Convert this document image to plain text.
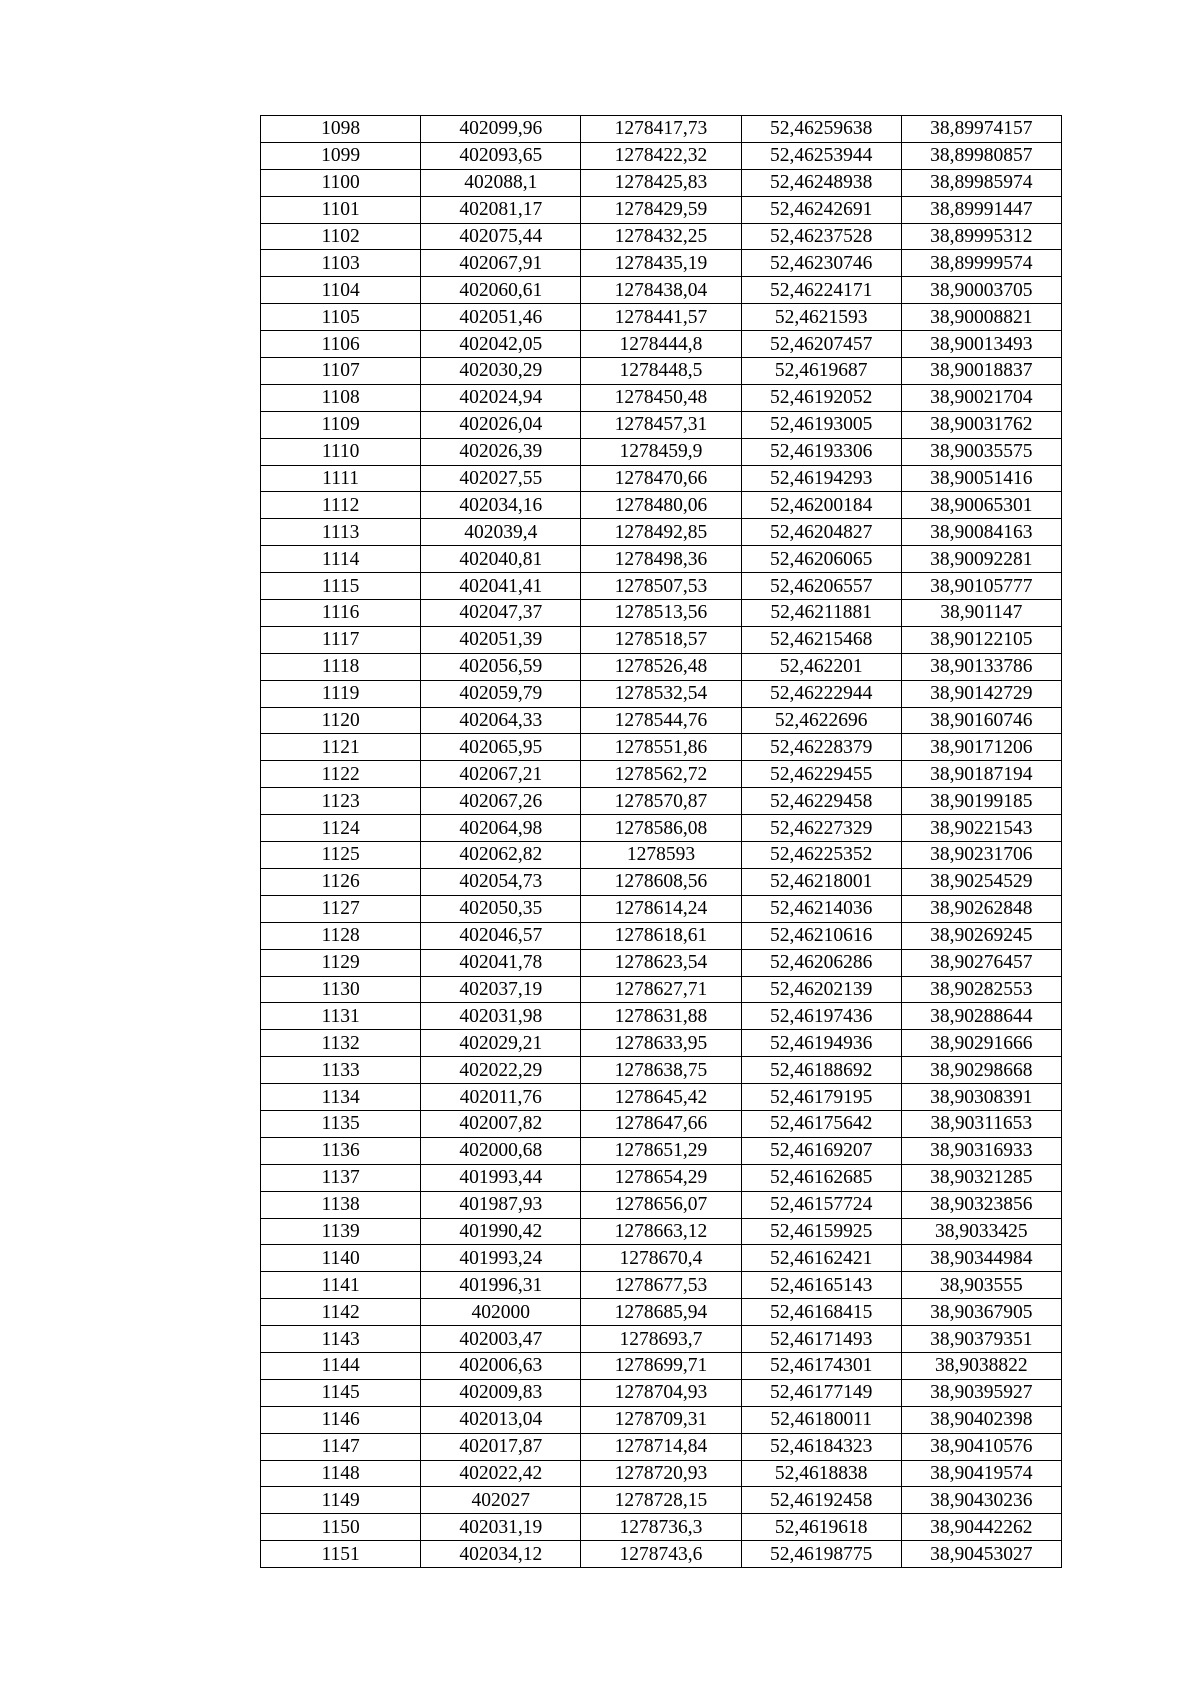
1098	402099,96	1278417,73	52,46259638	38,89974157
1099	402093,65	1278422,32	52,46253944	38,89980857
1100	402088,1	1278425,83	52,46248938	38,89985974
1101	402081,17	1278429,59	52,46242691	38,89991447
1102	402075,44	1278432,25	52,46237528	38,89995312
1103	402067,91	1278435,19	52,46230746	38,89999574
1104	402060,61	1278438,04	52,46224171	38,90003705
1105	402051,46	1278441,57	52,4621593	38,90008821
1106	402042,05	1278444,8	52,46207457	38,90013493
1107	402030,29	1278448,5	52,4619687	38,90018837
1108	402024,94	1278450,48	52,46192052	38,90021704
1109	402026,04	1278457,31	52,46193005	38,90031762
1110	402026,39	1278459,9	52,46193306	38,90035575
1111	402027,55	1278470,66	52,46194293	38,90051416
1112	402034,16	1278480,06	52,46200184	38,90065301
1113	402039,4	1278492,85	52,46204827	38,90084163
1114	402040,81	1278498,36	52,46206065	38,90092281
1115	402041,41	1278507,53	52,46206557	38,90105777
1116	402047,37	1278513,56	52,46211881	38,901147
1117	402051,39	1278518,57	52,46215468	38,90122105
1118	402056,59	1278526,48	52,462201	38,90133786
1119	402059,79	1278532,54	52,46222944	38,90142729
1120	402064,33	1278544,76	52,4622696	38,90160746
1121	402065,95	1278551,86	52,46228379	38,90171206
1122	402067,21	1278562,72	52,46229455	38,90187194
1123	402067,26	1278570,87	52,46229458	38,90199185
1124	402064,98	1278586,08	52,46227329	38,90221543
1125	402062,82	1278593	52,46225352	38,90231706
1126	402054,73	1278608,56	52,46218001	38,90254529
1127	402050,35	1278614,24	52,46214036	38,90262848
1128	402046,57	1278618,61	52,46210616	38,90269245
1129	402041,78	1278623,54	52,46206286	38,90276457
1130	402037,19	1278627,71	52,46202139	38,90282553
1131	402031,98	1278631,88	52,46197436	38,90288644
1132	402029,21	1278633,95	52,46194936	38,90291666
1133	402022,29	1278638,75	52,46188692	38,90298668
1134	402011,76	1278645,42	52,46179195	38,90308391
1135	402007,82	1278647,66	52,46175642	38,90311653
1136	402000,68	1278651,29	52,46169207	38,90316933
1137	401993,44	1278654,29	52,46162685	38,90321285
1138	401987,93	1278656,07	52,46157724	38,90323856
1139	401990,42	1278663,12	52,46159925	38,9033425
1140	401993,24	1278670,4	52,46162421	38,90344984
1141	401996,31	1278677,53	52,46165143	38,903555
1142	402000	1278685,94	52,46168415	38,90367905
1143	402003,47	1278693,7	52,46171493	38,90379351
1144	402006,63	1278699,71	52,46174301	38,9038822
1145	402009,83	1278704,93	52,46177149	38,90395927
1146	402013,04	1278709,31	52,46180011	38,90402398
1147	402017,87	1278714,84	52,46184323	38,90410576
1148	402022,42	1278720,93	52,4618838	38,90419574
1149	402027	1278728,15	52,46192458	38,90430236
1150	402031,19	1278736,3	52,4619618	38,90442262
1151	402034,12	1278743,6	52,46198775	38,90453027
